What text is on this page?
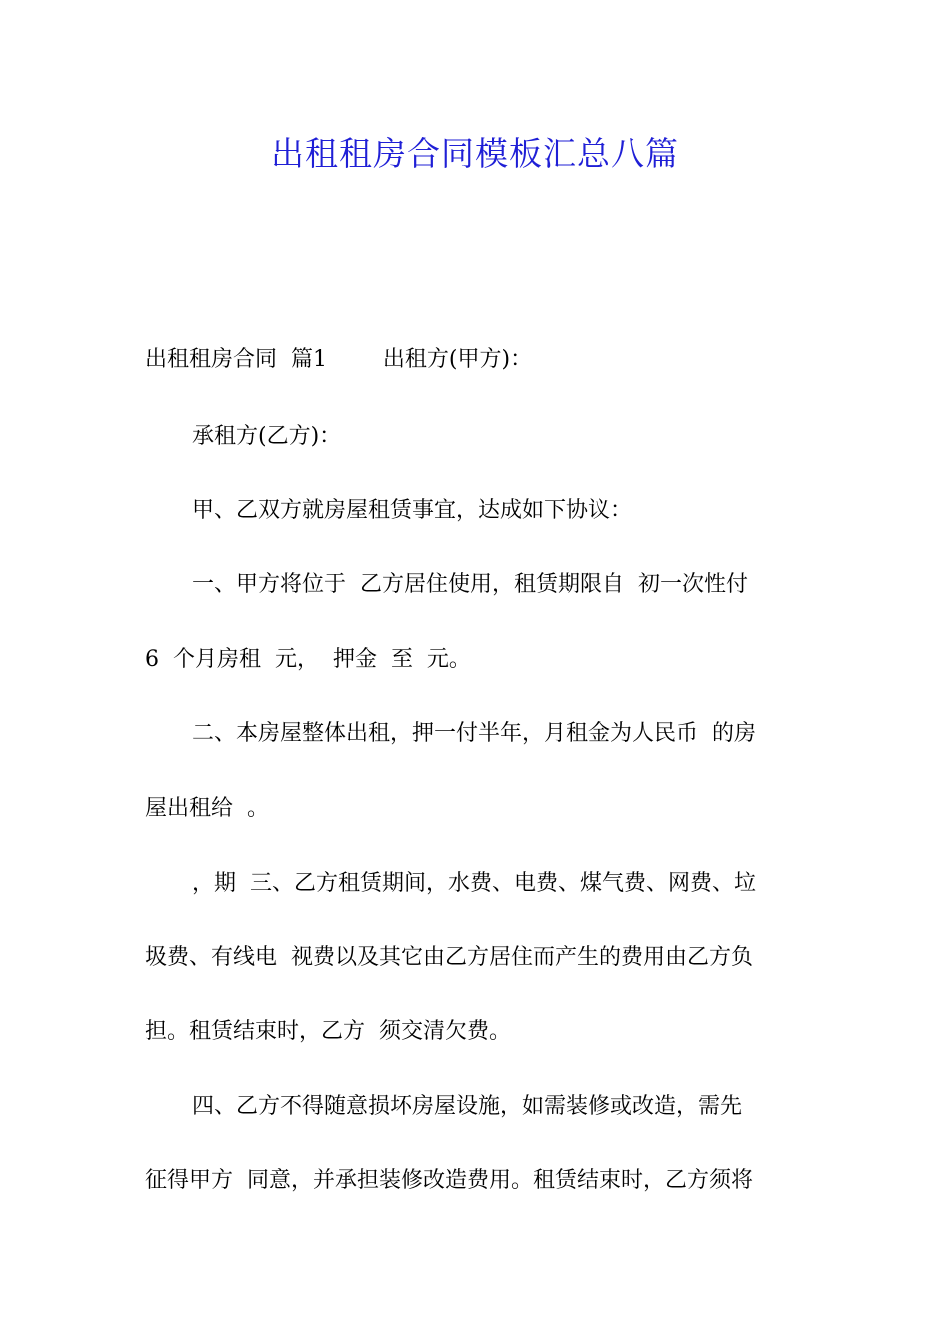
出租租房合同模板汇总八篇
出租租房合同  篇1        出租方(甲方)：
承租方(乙方)：
甲、乙双方就房屋租赁事宜，达成如下协议：
一、甲方将位于  乙方居住使用，租赁期限自  初一次性付
6  个月房租  元，  押金  至  元。
二、本房屋整体出租，押一付半年，月租金为人民币  的房
屋出租给  。
，期  三、乙方租赁期间，水费、电费、煤气费、网费、垃
圾费、有线电  视费以及其它由乙方居住而产生的费用由乙方负
担。租赁结束时，乙方  须交清欠费。
四、乙方不得随意损坏房屋设施，如需装修或改造，需先
征得甲方  同意，并承担装修改造费用。租赁结束时，乙方须将
